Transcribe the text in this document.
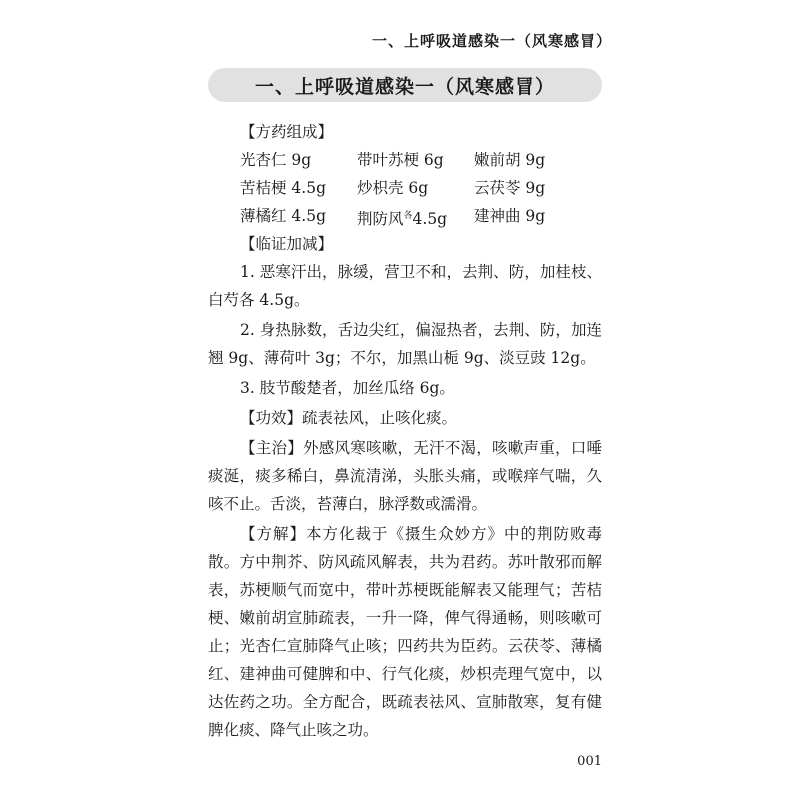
一、上呼吸道感染一（风寒感冒）
一、上呼吸道感染一（风寒感冒）
【方药组成】
光杏仁 9g	带叶苏梗 6g	嫩前胡 9g
苦桔梗 4.5g	炒枳壳 6g	云茯苓 9g
薄橘红 4.5g	荆防风$^各$4.5g	建神曲 9g
【临证加减】

1. 恶寒汗出，脉缓，营卫不和，去荆、防，加桂枝、白芍各 4.5g。

2. 身热脉数，舌边尖红，偏湿热者，去荆、防，加连翘 9g、薄荷叶 3g；不尔，加黑山栀 9g、淡豆豉 12g。

3. 肢节酸楚者，加丝瓜络 6g。

【功效】疏表祛风，止咳化痰。

【主治】外感风寒咳嗽，无汗不渴，咳嗽声重，口唾痰涎，痰多稀白，鼻流清涕，头胀头痛，或喉痒气喘，久咳不止。舌淡，苔薄白，脉浮数或濡滑。

【方解】本方化裁于《摄生众妙方》中的荆防败毒散。方中荆芥、防风疏风解表，共为君药。苏叶散邪而解表，苏梗顺气而宽中，带叶苏梗既能解表又能理气；苦桔梗、嫩前胡宣肺疏表，一升一降，俾气得通畅，则咳嗽可止；光杏仁宣肺降气止咳；四药共为臣药。云茯苓、薄橘红、建神曲可健脾和中、行气化痰，炒枳壳理气宽中，以达佐药之功。全方配合，既疏表祛风、宣肺散寒，复有健脾化痰、降气止咳之功。

001
